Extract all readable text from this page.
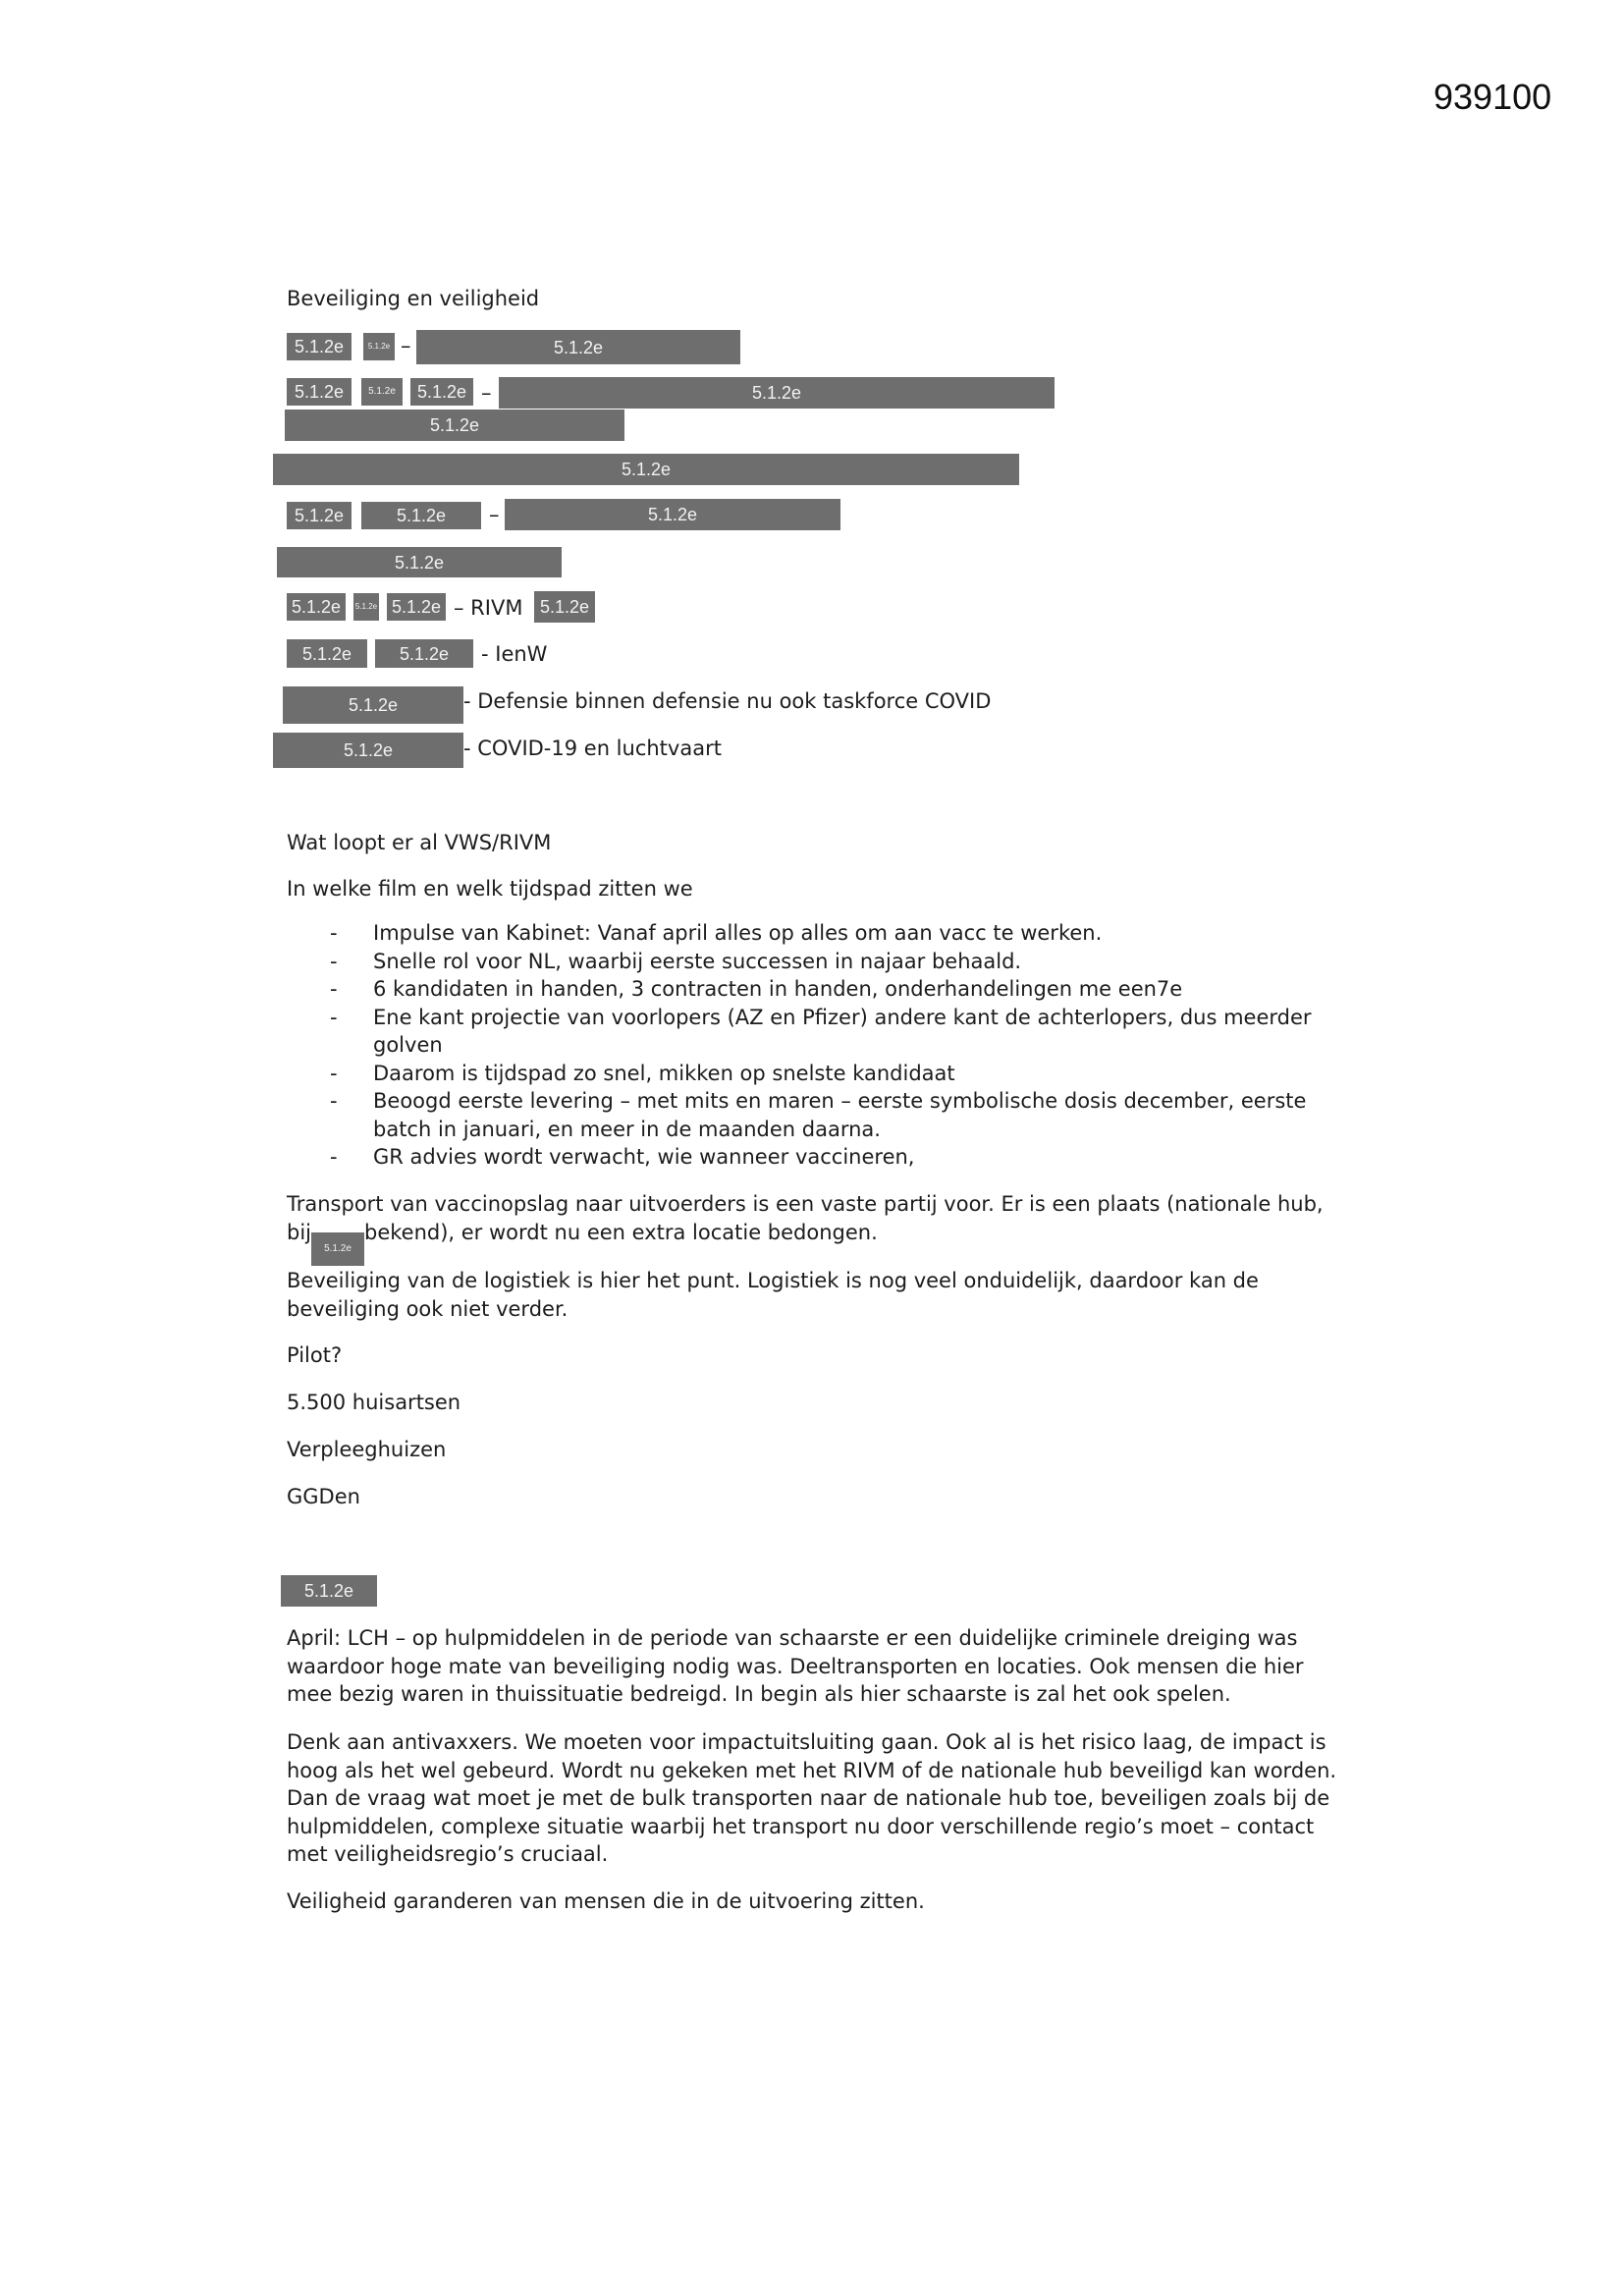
939100
Beveiliging en veiligheid
5.1.2e	5.1.2e –	5.1.2e
5.1.2e	5.1.2e	5.1.2e –	5.1.2e
5.1.2e
5.1.2e
5.1.2e	5.1.2e	–	5.1.2e
5.1.2e
5.1.2e	5.1.2e 5.1.2e – RIVM 5.1.2e
5.1.2e	5.1.2e	- IenW
5.1.2e	- Defensie binnen defensie nu ook taskforce COVID
5.1.2e	- COVID-19 en luchtvaart
Wat loopt er al VWS/RIVM
In welke film en welk tijdspad zitten we
- Impulse van Kabinet: Vanaf april alles op alles om aan vacc te werken.
- Snelle rol voor NL, waarbij eerste successen in najaar behaald.
- 6 kandidaten in handen, 3 contracten in handen, onderhandelingen me een7e
- Ene kant projectie van voorlopers (AZ en Pfizer) andere kant de achterlopers, dus meerder golven
- Daarom is tijdspad zo snel, mikken op snelste kandidaat
- Beoogd eerste levering – met mits en maren – eerste symbolische dosis december, eerste batch in januari, en meer in de maanden daarna.
- GR advies wordt verwacht, wie wanneer vaccineren,
Transport van vaccinopslag naar uitvoerders is een vaste partij voor. Er is een plaats (nationale hub, bij5.1.2ebekend), er wordt nu een extra locatie bedongen.
Beveiliging van de logistiek is hier het punt. Logistiek is nog veel onduidelijk, daardoor kan de beveiliging ook niet verder.
Pilot?
5.500 huisartsen
Verpleeghuizen
GGDen
5.1.2e
April: LCH – op hulpmiddelen in de periode van schaarste er een duidelijke criminele dreiging was waardoor hoge mate van beveiliging nodig was. Deeltransporten en locaties. Ook mensen die hier mee bezig waren in thuissituatie bedreigd. In begin als hier schaarste is zal het ook spelen.
Denk aan antivaxxers. We moeten voor impactuitsluiting gaan. Ook al is het risico laag, de impact is hoog als het wel gebeurd. Wordt nu gekeken met het RIVM of de nationale hub beveiligd kan worden. Dan de vraag wat moet je met de bulk transporten naar de nationale hub toe, beveiligen zoals bij de hulpmiddelen, complexe situatie waarbij het transport nu door verschillende regio’s moet – contact met veiligheidsregio’s cruciaal.
Veiligheid garanderen van mensen die in de uitvoering zitten.
